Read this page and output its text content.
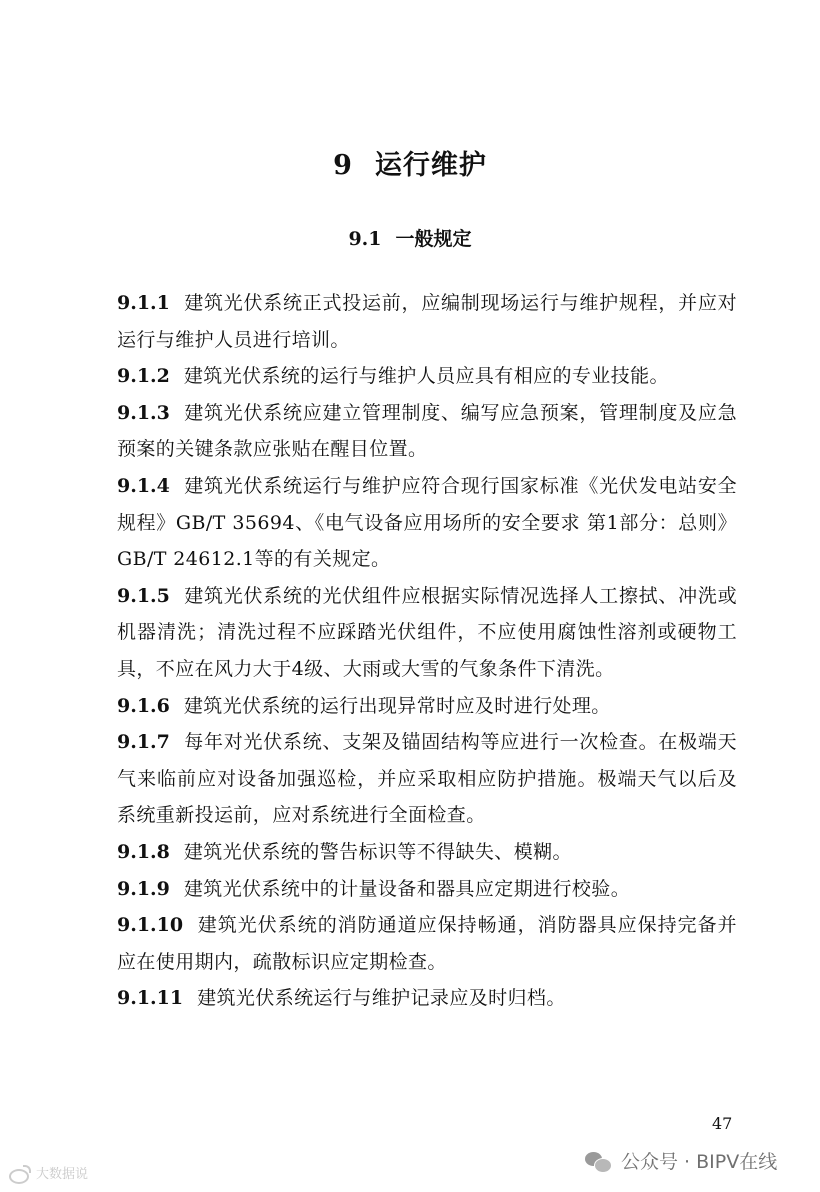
9 运行维护
9.1 一般规定

9.1.1 建筑光伏系统正式投运前，应编制现场运行与维护规程，并应对运行与维护人员进行培训。

9.1.2 建筑光伏系统的运行与维护人员应具有相应的专业技能。

9.1.3 建筑光伏系统应建立管理制度、编写应急预案，管理制度及应急预案的关键条款应张贴在醒目位置。

9.1.4 建筑光伏系统运行与维护应符合现行国家标准《光伏发电站安全规程》GB/T 35694、《电气设备应用场所的安全要求 第1部分：总则》GB/T 24612.1等的有关规定。

9.1.5 建筑光伏系统的光伏组件应根据实际情况选择人工擦拭、冲洗或机器清洗；清洗过程不应踩踏光伏组件，不应使用腐蚀性溶剂或硬物工具，不应在风力大于4级、大雨或大雪的气象条件下清洗。

9.1.6 建筑光伏系统的运行出现异常时应及时进行处理。

9.1.7 每年对光伏系统、支架及锚固结构等应进行一次检查。在极端天气来临前应对设备加强巡检，并应采取相应防护措施。极端天气以后及系统重新投运前，应对系统进行全面检查。

9.1.8 建筑光伏系统的警告标识等不得缺失、模糊。

9.1.9 建筑光伏系统中的计量设备和器具应定期进行校验。

9.1.10 建筑光伏系统的消防通道应保持畅通，消防器具应保持完备并应在使用期内，疏散标识应定期检查。

9.1.11 建筑光伏系统运行与维护记录应及时归档。

47
大数据说
公众号 · BIPV在线
